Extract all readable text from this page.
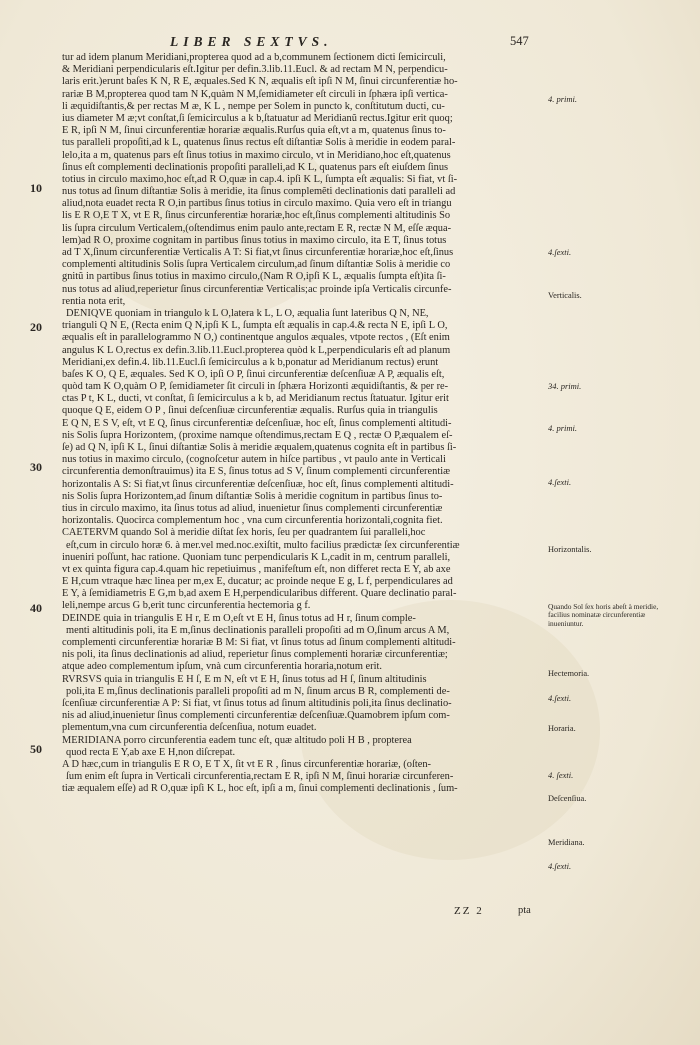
LIBER SEXTVS.	547
tur ad idem planum Meridiani,propterea quod ad a b,communem ſectionem dicti ſemicirculi,
& Meridiani perpendicularis eſt.Igitur per defin.3.lib.11.Eucl. & ad rectam M N, perpendicu-
laris erit.)erunt baſes K N, R E, æquales.Sed K N, æqualis eſt ipſi N M, ſinui circunferentiæ ho-
rariæ B M,propterea quod tam N K,quàm N M,ſemidiameter eſt circuli in ſphæra ipſi vertica-
li æquidiſtantis,& per rectas M æ, K L , nempe per Solem in puncto k, conſtitutum ducti, cu-
ius diameter M æ;vt conſtat,ſi ſemicirculus a k b,ſtatuatur ad Meridianũ rectus.Igitur erit quoq;
E R, ipſi N M, ſinui circunferentiæ horariæ æqualis.Rurſus quia eſt,vt a m, quatenus ſinus to-
tus paralleli propoſiti,ad k L, quatenus ſinus rectus eſt diſtantiæ Solis à meridie in eodem paral-
lelo,ita a m, quatenus pars eſt ſinus totius in maximo circulo, vt in Meridiano,hoc eſt,quatenus
ſinus eſt complementi declinationis propoſiti paralleli,ad K L, quatenus pars eſt eiuſdem ſinus
totius in circulo maximo,hoc eſt,ad R O,quæ in cap.4. ipſi K L, ſumpta eſt æqualis: Si fiat, vt ſi-
nus totus ad ſinum diſtantiæ Solis à meridie, ita ſinus complemẽti declinationis dati paralleli ad
aliud,nota euadet recta R O,in partibus ſinus totius in circulo maximo. Quia vero eſt in triangu
lis E R O,E T X, vt E R, ſinus circunferentiæ horariæ,hoc eſt,ſinus complementi altitudinis So
lis ſupra circulum Verticalem,(oſtendimus enim paulo ante,rectam E R, rectæ N M, eſſe æqua-
lem)ad R O, proxime cognitam in partibus ſinus totius in maximo circulo, ita E T, ſinus totus
ad T X,ſinum circunferentiæ Verticalis A T: Si fiat,vt ſinus circunferentiæ horariæ,hoc eſt,ſinus
complementi altitudinis Solis ſupra Verticalem circulum,ad ſinum diſtantiæ Solis à meridie co
gnitũ in partibus ſinus totius in maximo circulo,(Nam R O,ipſi K L, æqualis ſumpta eſt)ita ſi-
nus totus ad aliud,reperietur ſinus circunferentiæ Verticalis;ac proinde ipſa Verticalis circunfe-
rentia nota erit,
DENIQVE quoniam in triangulo k L O,latera k L, L O, æqualia ſunt lateribus Q N, NE,
trianguli Q N E, (Recta enim Q N,ipſi K L, ſumpta eſt æqualis in cap.4.& recta N E, ipſi L O,
æqualis eſt in parallelogrammo N O,) continentque angulos æquales, vtpote rectos , (Eſt enim
angulus K L O,rectus ex defin.3.lib.11.Eucl.propterea quòd k L,perpendicularis eſt ad planum
Meridiani,ex defin.4. lib.11.Eucl.ſi ſemicirculus a k b,ponatur ad Meridianum rectus) erunt
baſes K O, Q E, æquales. Sed K O, ipſi O P, ſinui circunferentiæ deſcenſiuæ A P, æqualis eſt,
quòd tam K O,quàm O P, ſemidiameter ſit circuli in ſphæra Horizonti æquidiſtantis, & per re-
ctas P t, K L, ducti, vt conſtat, ſi ſemicirculus a k b, ad Meridianum rectus ſtatuatur. Igitur erit
quoque Q E, eidem O P , ſinui deſcenſiuæ circunferentiæ æqualis. Rurſus quia in triangulis
E Q N, E S V, eſt, vt E Q, ſinus circunferentiæ deſcenſiuæ, hoc eſt, ſinus complementi altitudi-
nis Solis ſupra Horizontem, (proxime namque oſtendimus,rectam E Q , rectæ O P,æqualem eſ-
ſe) ad Q N, ipſi K L, ſinui diſtantiæ Solis à meridie æqualem,quatenus cognita eſt in partibus ſi-
nus totius in maximo circulo, (cognoſcetur autem in hiſce partibus , vt paulo ante in Verticali
circunferentia demonſtrauimus) ita E S, ſinus totus ad S V, ſinum complementi circunferentiæ
horizontalis A S: Si fiat,vt ſinus circunferentiæ deſcenſiuæ, hoc eſt, ſinus complementi altitudi-
nis Solis ſupra Horizontem,ad ſinum diſtantiæ Solis à meridie cognitum in partibus ſinus to-
tius in circulo maximo, ita ſinus totus ad aliud, inuenietur ſinus complementi circunferentiæ
horizontalis. Quocirca complementum hoc , vna cum circunferentia horizontali,cognita fiet.
CAETERVM quando Sol à meridie diſtat ſex horis, ſeu per quadrantem ſui paralleli,hoc
eſt,cum in circulo horæ 6. à mer.vel med.noc.exiſtit, multo facilius prædictæ ſex circunferentiæ
inueniri poſſunt, hac ratione. Quoniam tunc perpendicularis K L,cadit in m, centrum paralleli,
vt ex quinta figura cap.4.quam hic repetiuimus , manifeſtum eſt, non differet recta E Y, ab axe
E H,cum vtraque hæc linea per m,ex E, ducatur; ac proinde neque E g, L f, perpendiculares ad
E Y, à ſemidiametris E G,m b,ad axem E H,perpendicularibus different. Quare declinatio paral-
leli,nempe arcus G b,erit tunc circunferentia hectemoria g f.
DEINDE quia in triangulis E H r, E m O,eſt vt E H, ſinus totus ad H r, ſinum comple-
menti altitudinis poli, ita E m,ſinus declinationis paralleli propoſiti ad m O,ſinum arcus A M,
complementi circunferentiæ horariæ B M: Si fiat, vt ſinus totus ad ſinum complementi altitudi-
nis poli, ita ſinus declinationis ad aliud, reperietur ſinus complementi horariæ circunferentiæ;
atque adeo complementum ipſum, vnà cum circunferentia horaria,notum erit.
RVRSVS quia in triangulis E H ſ, E m N, eſt vt E H, ſinus totus ad H ſ, ſinum altitudinis
poli,ita E m,ſinus declinationis paralleli propoſiti ad m N, ſinum arcus B R, complementi de-
ſcenſiuæ circunferentiæ A P: Si fiat, vt ſinus totus ad ſinum altitudinis poli,ita ſinus declinatio-
nis ad aliud,inuenietur ſinus complementi circunferentiæ deſcenſiuæ.Quamobrem ipſum com-
plementum,vna cum circunferentia deſcenſiua, notum euadet.
MERIDIANA porro circunferentia eadem tunc eſt, quæ altitudo poli H B , propterea
quod recta E Y,ab axe E H,non diſcrepat.
A D hæc,cum in triangulis E R O, E T X, ſit vt E R , ſinus circunferentiæ horariæ, (oſten-
ſum enim eſt ſupra in Verticali circunferentia,rectam E R, ipſi N M, ſinui horariæ circunferen-
tiæ æqualem eſſe) ad R O,quæ ipſi K L, hoc eſt, ipſi a m, ſinui complementi declinationis , ſum-
10
20
30
40
50
4. primi.
4.ſexti.
Verticalis.
34. primi.
4. primi.
4.ſexti.
Horizontalis.
Quando Sol ſex horis abeſt à meridie, facilius nominatæ circunferentiæ inueniuntur.
Hectemoria.
4.ſexti.
Horaria.
4. ſexti.
Deſcenſiua.
Meridiana.
4.ſexti.
ZZ 2	pta
